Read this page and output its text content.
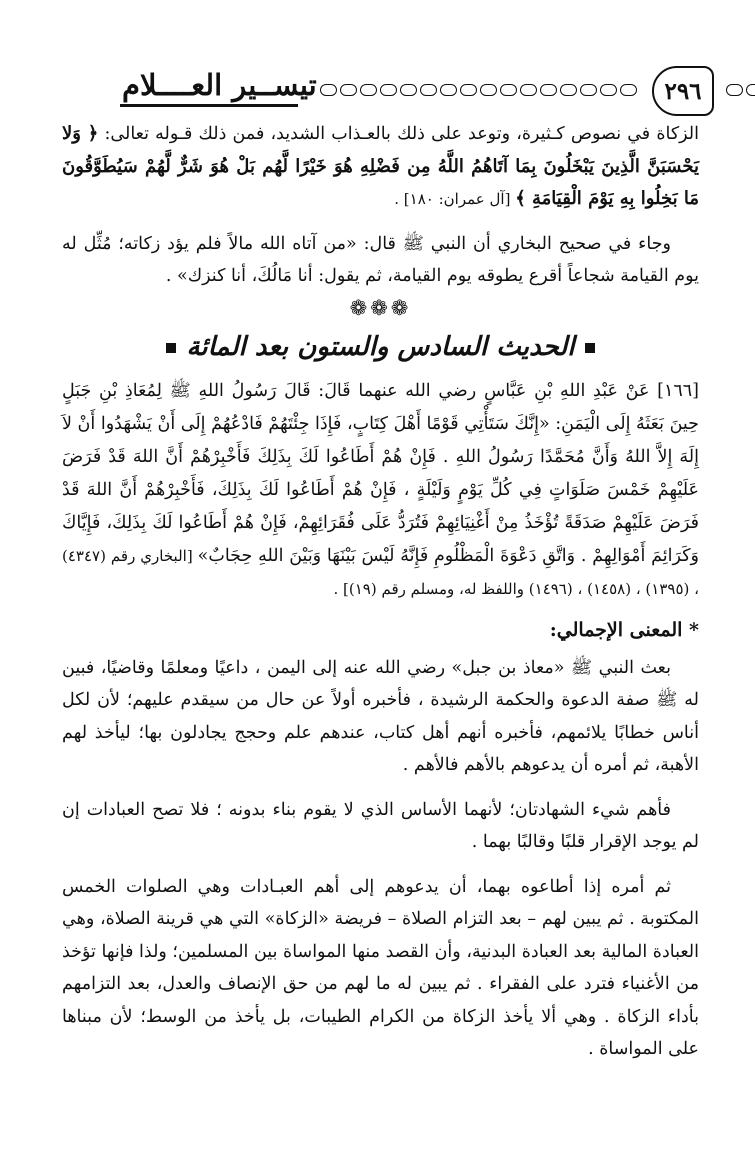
٢٩٦
تيســير العــــلام

الزكاة في نصوص كـثيرة، وتوعد على ذلك بالعـذاب الشديد، فمن ذلك قـوله تعالى: ﴿ وَلا يَحْسَبَنَّ الَّذِينَ يَبْخَلُونَ بِمَا آتَاهُمُ اللَّهُ مِن فَضْلِهِ هُوَ خَيْرًا لَّهُم بَلْ هُوَ شَرٌّ لَّهُمْ سَيُطَوَّقُونَ مَا بَخِلُوا بِهِ يَوْمَ الْقِيَامَةِ ﴾ [آل عمران: ١٨٠] .

وجاء في صحيح البخاري أن النبي ﷺ قال: «من آتاه الله مالاً فلم يؤد زكاته؛ مُثِّل له يوم القيامة شجاعاً أقرع يطوقه يوم القيامة، ثم يقول: أنا مَالُكَ، أنا كنزك» .

❁❁❁
الحديث السادس والستون بعد المائة

[١٦٦] عَنْ عَبْدِ اللهِ بْنِ عَبَّاسٍ رضي الله عنهما قَالَ: قَالَ رَسُولُ اللهِ ﷺ لِمُعَاذِ بْنِ جَبَلٍ حِينَ بَعَثَهُ إِلَى الْيَمَنِ: «إِنَّكَ سَتَأْتِي قَوْمًا أَهْلَ كِتَابٍ، فَإِذَا جِئْتَهُمْ فَادْعُهُمْ إِلَى أَنْ يَشْهَدُوا أَنْ لاَ إِلَهَ إِلاَّ اللهُ وَأَنَّ مُحَمَّدًا رَسُولُ اللهِ . فَإِنْ هُمْ أَطَاعُوا لَكَ بِذَلِكَ فَأَخْبِرْهُمْ أَنَّ اللهَ قَدْ فَرَضَ عَلَيْهِمْ خَمْسَ صَلَوَاتٍ فِي كُلِّ يَوْمٍ وَلَيْلَةٍ ، فَإِنْ هُمْ أَطَاعُوا لَكَ بِذَلِكَ، فَأَخْبِرْهُمْ أَنَّ اللهَ قَدْ فَرَضَ عَلَيْهِمْ صَدَقَةً تُؤْخَذُ مِنْ أَغْنِيَائِهِمْ فَتُرَدُّ عَلَى فُقَرَائِهِمْ، فَإِنْ هُمْ أَطَاعُوا لَكَ بِذَلِكَ، فَإِيَّاكَ وَكَرَائِمَ أَمْوَالِهِمْ . وَاتَّقِ دَعْوَةَ الْمَظْلُومِ فَإِنَّهُ لَيْسَ بَيْنَهَا وَبَيْنَ اللهِ حِجَابٌ» [البخاري رقم (٤٣٤٧) ، (١٣٩٥) ، (١٤٥٨) ، (١٤٩٦) واللفظ له، ومسلم رقم (١٩)] .

* المعنى الإجمالي:

بعث النبي ﷺ «معاذ بن جبل» رضي الله عنه إلى اليمن ، داعيًا ومعلمًا وقاضيًا، فبين له ﷺ صفة الدعوة والحكمة الرشيدة ، فأخبره أولاً عن حال من سيقدم عليهم؛ لأن لكل أناس خطابًا يلائمهم، فأخبره أنهم أهل كتاب، عندهم علم وحجج يجادلون بها؛ ليأخذ لهم الأهبة، ثم أمره أن يدعوهم بالأهم فالأهم .

فأهم شيء الشهادتان؛ لأنهما الأساس الذي لا يقوم بناء بدونه ؛ فلا تصح العبادات إن لم يوجد الإقرار قلبًا وقالبًا بهما .

ثم أمره إذا أطاعوه بهما، أن يدعوهم إلى أهم العبـادات وهي الصلوات الخمس المكتوبة . ثم يبين لهم – بعد التزام الصلاة – فريضة «الزكاة» التي هي قرينة الصلاة، وهي العبادة المالية بعد العبادة البدنية، وأن القصد منها المواساة بين المسلمين؛ ولذا فإنها تؤخذ من الأغنياء فترد على الفقراء . ثم يبين له ما لهم من حق الإنصاف والعدل، بعد التزامهم بأداء الزكاة . وهي ألا يأخذ الزكاة من الكرام الطيبات، بل يأخذ من الوسط؛ لأن مبناها على المواساة .
